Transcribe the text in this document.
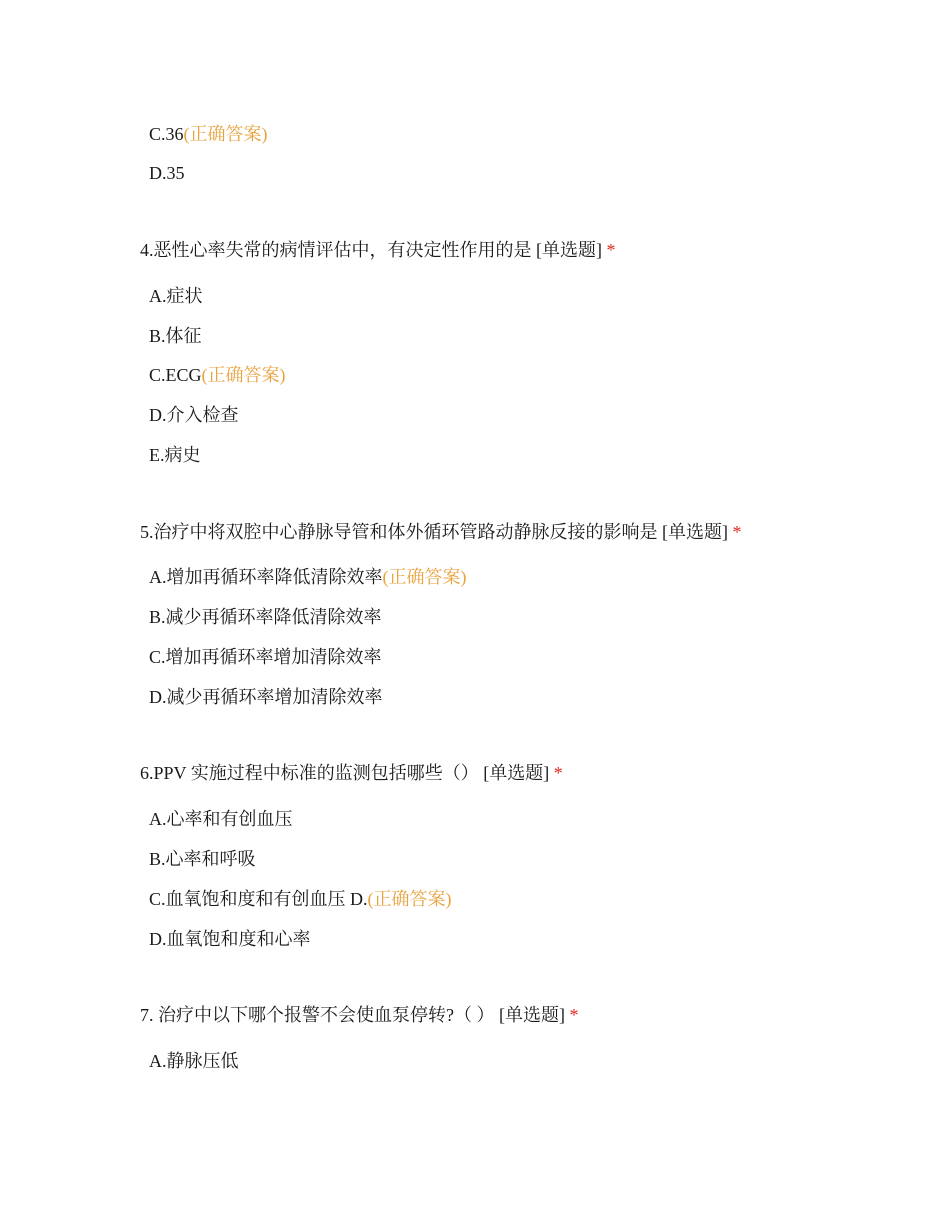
C.36(正确答案)
D.35
4.恶性心率失常的病情评估中，有决定性作用的是 [单选题] *
A.症状
B.体征
C.ECG(正确答案)
D.介入检查
E.病史
5.治疗中将双腔中心静脉导管和体外循环管路动静脉反接的影响是 [单选题] *
A.增加再循环率降低清除效率(正确答案)
B.减少再循环率降低清除效率
C.增加再循环率增加清除效率
D.减少再循环率增加清除效率
6.PPV 实施过程中标准的监测包括哪些（） [单选题] *
A.心率和有创血压
B.心率和呼吸
C.血氧饱和度和有创血压 D.(正确答案)
D.血氧饱和度和心率
7. 治疗中以下哪个报警不会使血泵停转?（ ） [单选题] *
A.静脉压低
